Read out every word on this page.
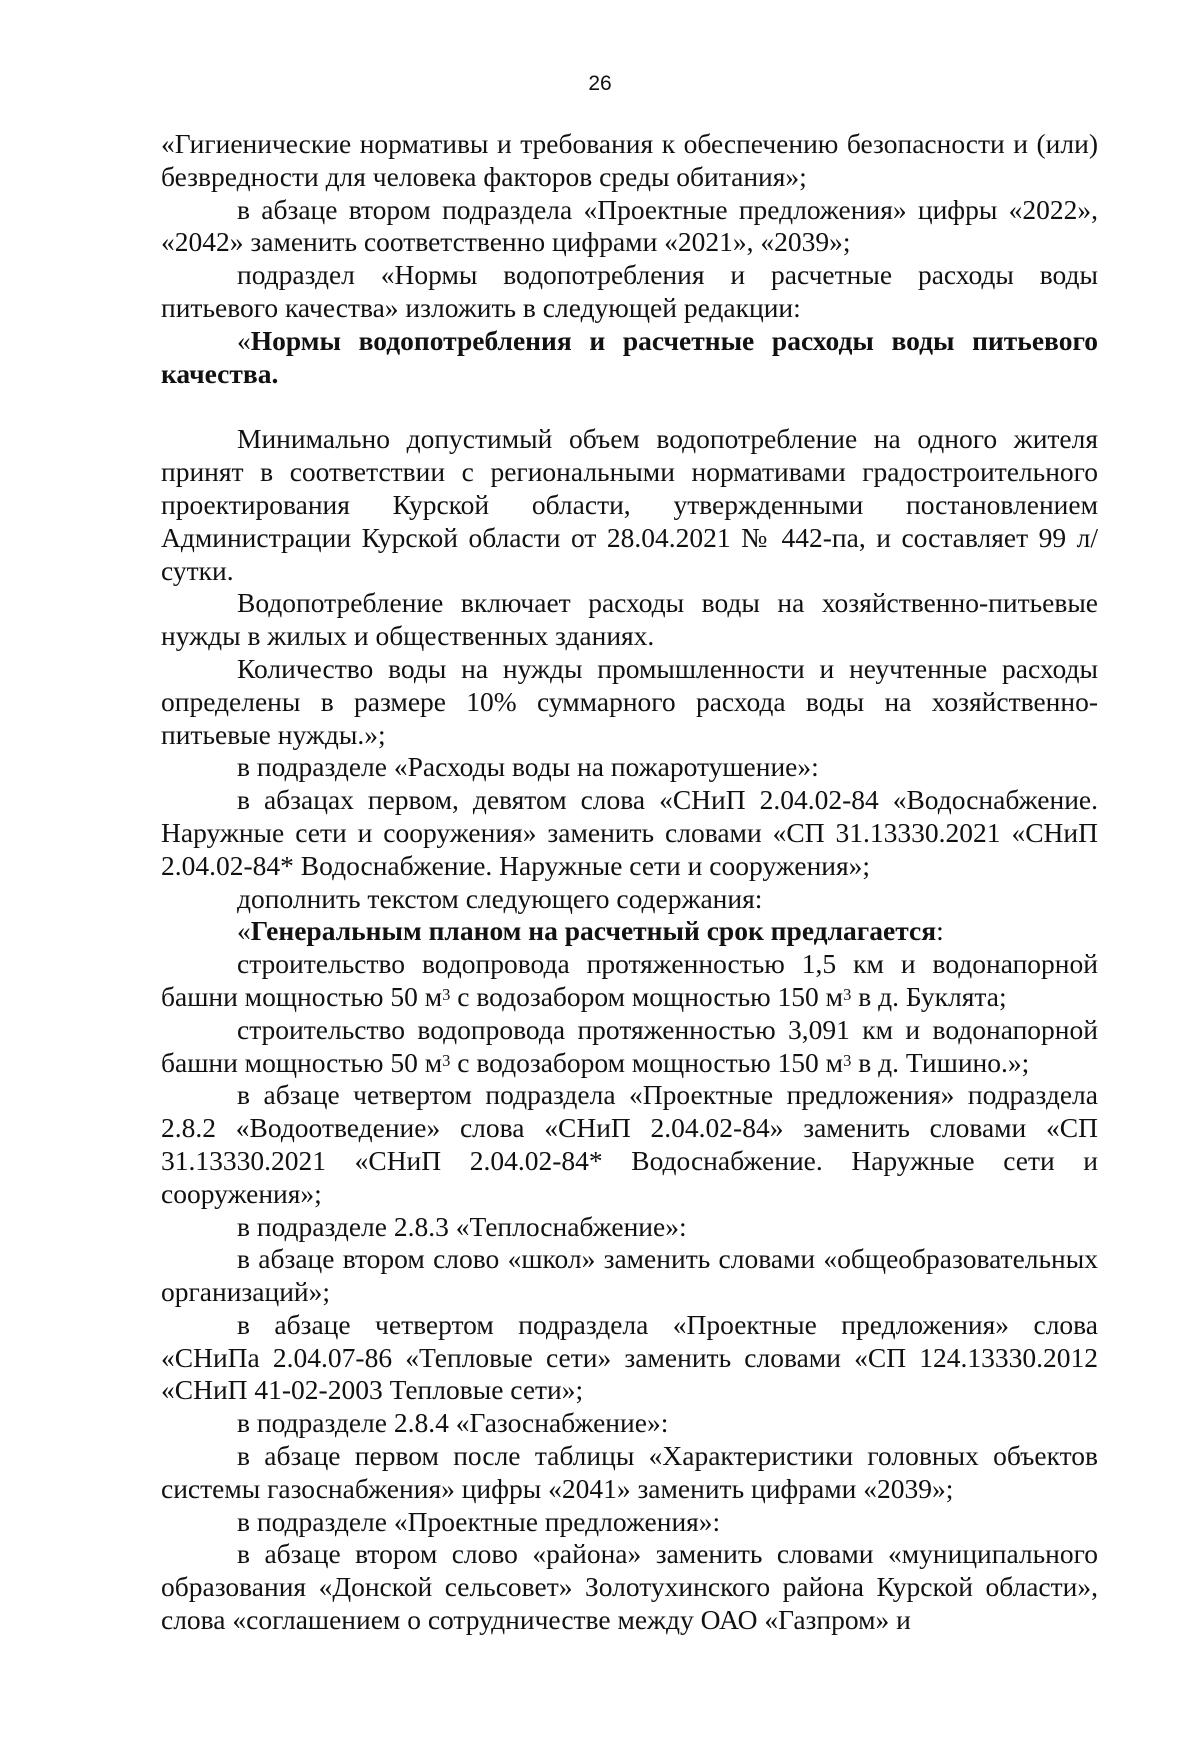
26

«Гигиенические нормативы и требования к обеспечению безопасности и (или) безвредности для человека факторов среды обитания»;

в абзаце втором подраздела «Проектные предложения» цифры «2022», «2042» заменить соответственно цифрами «2021», «2039»;

подраздел «Нормы водопотребления и расчетные расходы воды питьевого качества» изложить в следующей редакции:

«Нормы водопотребления и расчетные расходы воды питьевого качества.

Минимально допустимый объем водопотребление на одного жителя принят в соответствии с региональными нормативами градостроительного проектирования Курской области, утвержденными постановлением Администрации Курской области от 28.04.2021 № 442-па, и составляет 99 л/сутки.

Водопотребление включает расходы воды на хозяйственно-питьевые нужды в жилых и общественных зданиях.

Количество воды на нужды промышленности и неучтенные расходы определены в размере 10% суммарного расхода воды на хозяйственно-питьевые нужды.»;

в подразделе «Расходы воды на пожаротушение»:

в абзацах первом, девятом слова «СНиП 2.04.02-84 «Водоснабжение. Наружные сети и сооружения» заменить словами «СП 31.13330.2021 «СНиП 2.04.02-84* Водоснабжение. Наружные сети и сооружения»;

дополнить текстом следующего содержания:

«Генеральным планом на расчетный срок предлагается:

строительство водопровода протяженностью 1,5 км и водонапорной башни мощностью 50 $м^3$ с водозабором мощностью 150 $м^3$ в д. Буклята;

строительство водопровода протяженностью 3,091 км и водонапорной башни мощностью 50 $м^3$ с водозабором мощностью 150 $м^3$ в д. Тишино.»;

в абзаце четвертом подраздела «Проектные предложения» подраздела 2.8.2 «Водоотведение» слова «СНиП 2.04.02-84» заменить словами «СП 31.13330.2021 «СНиП 2.04.02-84* Водоснабжение. Наружные сети и сооружения»;

в подразделе 2.8.3 «Теплоснабжение»:

в абзаце втором слово «школ» заменить словами «общеобразовательных организаций»;

в абзаце четвертом подраздела «Проектные предложения» слова «СНиПа 2.04.07-86 «Тепловые сети» заменить словами «СП 124.13330.2012 «СНиП 41-02-2003 Тепловые сети»;

в подразделе 2.8.4 «Газоснабжение»:

в абзаце первом после таблицы «Характеристики головных объектов системы газоснабжения» цифры «2041» заменить цифрами «2039»;

в подразделе «Проектные предложения»:

в абзаце втором слово «района» заменить словами «муниципального образования «Донской сельсовет» Золотухинского района Курской области», слова «соглашением о сотрудничестве между ОАО «Газпром» и
